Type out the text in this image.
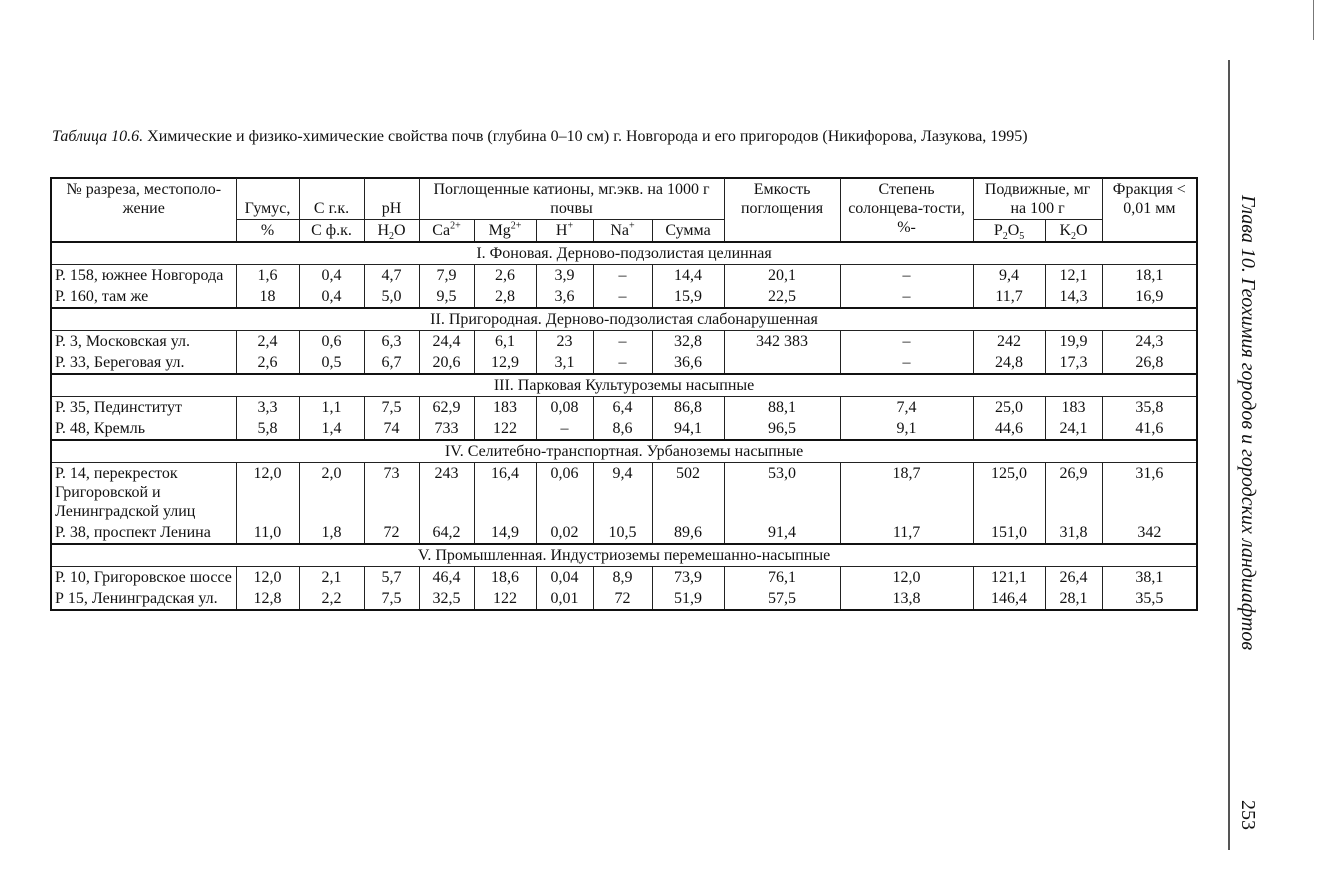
Таблица 10.6. Химические и физико-химические свойства почв (глубина 0–10 см) г. Новгорода и его пригородов (Никифорова, Лазукова, 1995)
№ разреза, местополо-жение	Гумус,	С г.к.	pH	Поглощенные катионы, мг.экв. на 1000 г почвы					Емкость поглощения	Степень солонцева-тости, %-	Подвижные, мг на 100 г		Фракция < 0,01 мм

	%	С ф.к.	$H_2O$	$Ca^{2+}$	$Mg^{2+}$	H+	Na+	Сумма			$P_2O_5$	$K_2O$	
I. Фоновая. Дерново-подзолистая целинная													
Р. 158, южнее Новгорода	1,6	0,4	4,7	7,9	2,6	3,9	–	14,4	20,1	–	9,4	12,1	18,1
Р. 160, там же	18	0,4	5,0	9,5	2,8	3,6	–	15,9	22,5	–	11,7	14,3	16,9
II. Пригородная. Дерново-подзолистая слабонарушенная													
Р. 3, Московская ул.	2,4	0,6	6,3	24,4	6,1	23	–	32,8	342 383	–	242	19,9	24,3
Р. 33, Береговая ул.	2,6	0,5	6,7	20,6	12,9	3,1	–	36,6		–	24,8	17,3	26,8
III. Парковая Культуроземы насыпные													
Р. 35, Пединститут	3,3	1,1	7,5	62,9	183	0,08	6,4	86,8	88,1	7,4	25,0	183	35,8
Р. 48, Кремль	5,8	1,4	74	733	122	–	8,6	94,1	96,5	9,1	44,6	24,1	41,6
IV. Селитебно-транспортная. Урбаноземы насыпные													
Р. 14, перекресток Григоровской и Ленинградской улиц	12,0	2,0	73	243	16,4	0,06	9,4	502	53,0	18,7	125,0	26,9	31,6
Р. 38, проспект Ленина	11,0	1,8	72	64,2	14,9	0,02	10,5	89,6	91,4	11,7	151,0	31,8	342
V. Промышленная. Индустриоземы перемешанно-насыпные													
Р. 10, Григоровское шоссе	12,0	2,1	5,7	46,4	18,6	0,04	8,9	73,9	76,1	12,0	121,1	26,4	38,1
Р 15, Ленинградская ул.	12,8	2,2	7,5	32,5	122	0,01	72	51,9	57,5	13,8	146,4	28,1	35,5	Глава 10. Геохимия городов и городских ландшафтов
253
